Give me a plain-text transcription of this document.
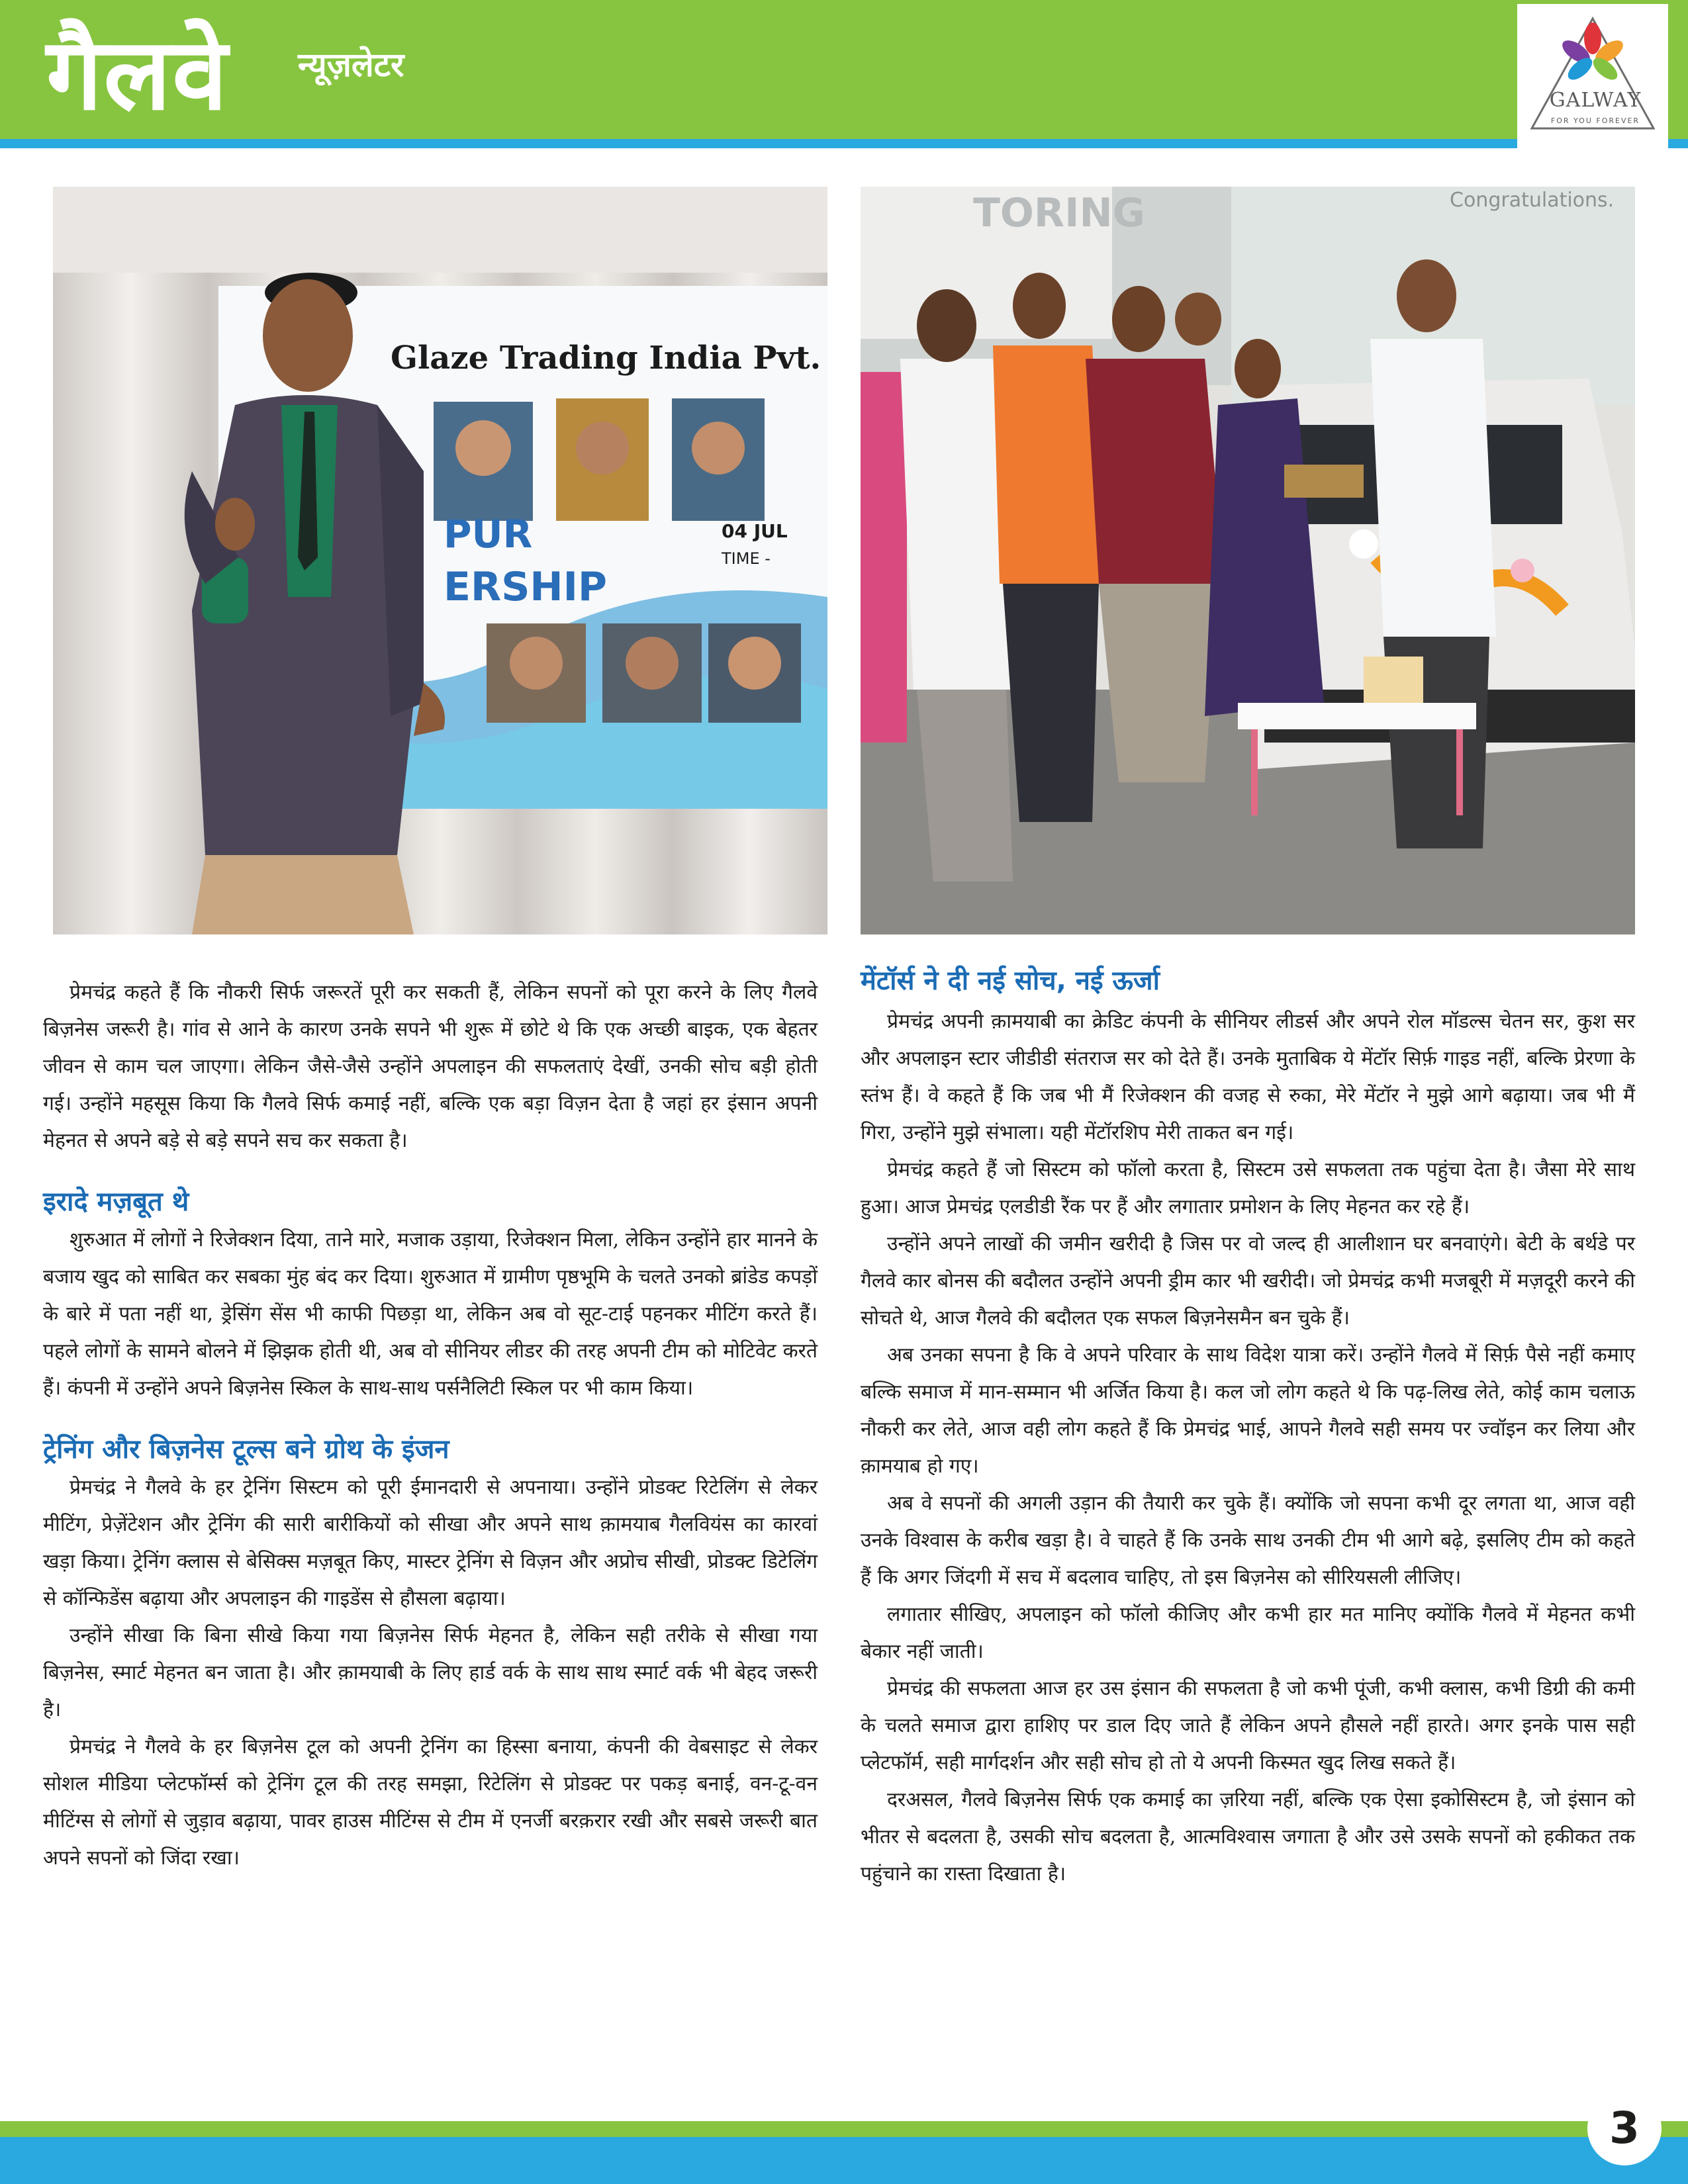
गैलवे न्यूज़लेटर
GALWAY
FOR YOU FOREVER
Glaze Trading India Pvt.
PUR	04 JUL
TIME -
ERSHIP
TORING	Congratulations.

प्रेमचंद्र कहते हैं कि नौकरी सिर्फ जरूरतें पूरी कर सकती हैं, लेकिन सपनों को पूरा करने के लिए गैलवे बिज़नेस जरूरी है। गांव से आने के कारण उनके सपने भी शुरू में छोटे थे कि एक अच्छी बाइक, एक बेहतर जीवन से काम चल जाएगा। लेकिन जैसे-जैसे उन्होंने अपलाइन की सफलताएं देखीं, उनकी सोच बड़ी होती गई। उन्होंने महसूस किया कि गैलवे सिर्फ कमाई नहीं, बल्कि एक बड़ा विज़न देता है जहां हर इंसान अपनी मेहनत से अपने बड़े से बड़े सपने सच कर सकता है।

इरादे मज़बूत थे

शुरुआत में लोगों ने रिजेक्शन दिया, ताने मारे, मजाक उड़ाया, रिजेक्शन मिला, लेकिन उन्होंने हार मानने के बजाय खुद को साबित कर सबका मुंह बंद कर दिया। शुरुआत में ग्रामीण पृष्ठभूमि के चलते उनको ब्रांडेड कपड़ों के बारे में पता नहीं था, ड्रेसिंग सेंस भी काफी पिछड़ा था, लेकिन अब वो सूट-टाई पहनकर मीटिंग करते हैं। पहले लोगों के सामने बोलने में झिझक होती थी, अब वो सीनियर लीडर की तरह अपनी टीम को मोटिवेट करते हैं। कंपनी में उन्होंने अपने बिज़नेस स्किल के साथ-साथ पर्सनैलिटी स्किल पर भी काम किया।

ट्रेनिंग और बिज़नेस टूल्स बने ग्रोथ के इंजन

प्रेमचंद्र ने गैलवे के हर ट्रेनिंग सिस्टम को पूरी ईमानदारी से अपनाया। उन्होंने प्रोडक्ट रिटेलिंग से लेकर मीटिंग, प्रेज़ेंटेशन और ट्रेनिंग की सारी बारीकियों को सीखा और अपने साथ क़ामयाब गैलवियंस का कारवां खड़ा किया। ट्रेनिंग क्लास से बेसिक्स मज़बूत किए, मास्टर ट्रेनिंग से विज़न और अप्रोच सीखी, प्रोडक्ट डिटेलिंग से कॉन्फिडेंस बढ़ाया और अपलाइन की गाइडेंस से हौसला बढ़ाया।

उन्होंने सीखा कि बिना सीखे किया गया बिज़नेस सिर्फ मेहनत है, लेकिन सही तरीके से सीखा गया बिज़नेस, स्मार्ट मेहनत बन जाता है। और क़ामयाबी के लिए हार्ड वर्क के साथ साथ स्मार्ट वर्क भी बेहद जरूरी है।

प्रेमचंद्र ने गैलवे के हर बिज़नेस टूल को अपनी ट्रेनिंग का हिस्सा बनाया, कंपनी की वेबसाइट से लेकर सोशल मीडिया प्लेटफॉर्म्स को ट्रेनिंग टूल की तरह समझा, रिटेलिंग से प्रोडक्ट पर पकड़ बनाई, वन-टू-वन मीटिंग्स से लोगों से जुड़ाव बढ़ाया, पावर हाउस मीटिंग्स से टीम में एनर्जी बरक़रार रखी और सबसे जरूरी बात अपने सपनों को जिंदा रखा।

मेंटॉर्स ने दी नई सोच, नई ऊर्जा

प्रेमचंद्र अपनी क़ामयाबी का क्रेडिट कंपनी के सीनियर लीडर्स और अपने रोल मॉडल्स चेतन सर, कुश सर और अपलाइन स्टार जीडीडी संतराज सर को देते हैं। उनके मुताबिक ये मेंटॉर सिर्फ़ गाइड नहीं, बल्कि प्रेरणा के स्तंभ हैं। वे कहते हैं कि जब भी मैं रिजेक्शन की वजह से रुका, मेरे मेंटॉर ने मुझे आगे बढ़ाया। जब भी मैं गिरा, उन्होंने मुझे संभाला। यही मेंटॉरशिप मेरी ताकत बन गई।

प्रेमचंद्र कहते हैं जो सिस्टम को फॉलो करता है, सिस्टम उसे सफलता तक पहुंचा देता है। जैसा मेरे साथ हुआ। आज प्रेमचंद्र एलडीडी रैंक पर हैं और लगातार प्रमोशन के लिए मेहनत कर रहे हैं।

उन्होंने अपने लाखों की जमीन खरीदी है जिस पर वो जल्द ही आलीशान घर बनवाएंगे। बेटी के बर्थडे पर गैलवे कार बोनस की बदौलत उन्होंने अपनी ड्रीम कार भी खरीदी। जो प्रेमचंद्र कभी मजबूरी में मज़दूरी करने की सोचते थे, आज गैलवे की बदौलत एक सफल बिज़नेसमैन बन चुके हैं।

अब उनका सपना है कि वे अपने परिवार के साथ विदेश यात्रा करें। उन्होंने गैलवे में सिर्फ़ पैसे नहीं कमाए बल्कि समाज में मान-सम्मान भी अर्जित किया है। कल जो लोग कहते थे कि पढ़-लिख लेते, कोई काम चलाऊ नौकरी कर लेते, आज वही लोग कहते हैं कि प्रेमचंद्र भाई, आपने गैलवे सही समय पर ज्वॉइन कर लिया और क़ामयाब हो गए।

अब वे सपनों की अगली उड़ान की तैयारी कर चुके हैं। क्योंकि जो सपना कभी दूर लगता था, आज वही उनके विश्वास के करीब खड़ा है। वे चाहते हैं कि उनके साथ उनकी टीम भी आगे बढ़े, इसलिए टीम को कहते हैं कि अगर जिंदगी में सच में बदलाव चाहिए, तो इस बिज़नेस को सीरियसली लीजिए।

लगातार सीखिए, अपलाइन को फॉलो कीजिए और कभी हार मत मानिए क्योंकि गैलवे में मेहनत कभी बेकार नहीं जाती।

प्रेमचंद्र की सफलता आज हर उस इंसान की सफलता है जो कभी पूंजी, कभी क्लास, कभी डिग्री की कमी के चलते समाज द्वारा हाशिए पर डाल दिए जाते हैं लेकिन अपने हौसले नहीं हारते। अगर इनके पास सही प्लेटफॉर्म, सही मार्गदर्शन और सही सोच हो तो ये अपनी किस्मत खुद लिख सकते हैं।

दरअसल, गैलवे बिज़नेस सिर्फ एक कमाई का ज़रिया नहीं, बल्कि एक ऐसा इकोसिस्टम है, जो इंसान को भीतर से बदलता है, उसकी सोच बदलता है, आत्मविश्वास जगाता है और उसे उसके सपनों को हकीकत तक पहुंचाने का रास्ता दिखाता है।

3
